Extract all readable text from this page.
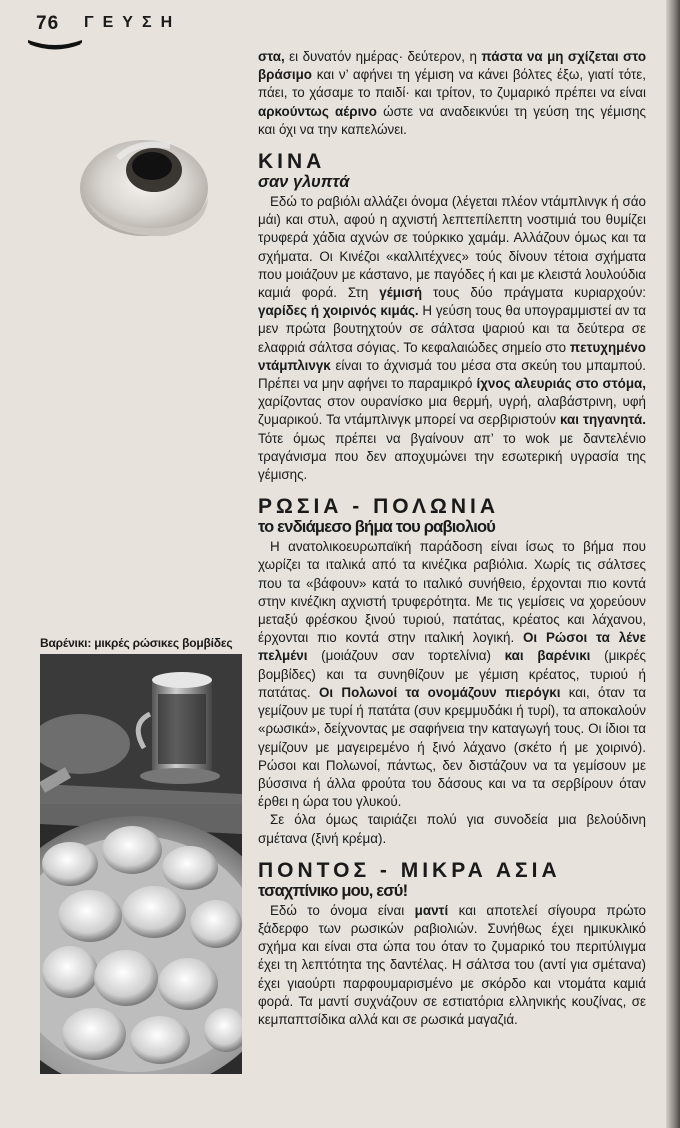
76 ΓΕΥΣΗ

στα, ει δυνατόν ημέρας· δεύτερον, η πάστα να μη σχίζεται στο βράσιμο και ν’ αφήνει τη γέμιση να κάνει βόλτες έξω, γιατί τότε, πάει, το χάσαμε το παιδί· και τρίτον, το ζυμαρικό πρέπει να είναι αρκούντως αέρινο ώστε να αναδεικνύει τη γεύση της γέμισης και όχι να την καπελώνει.

ΚΙΝΑ
σαν γλυπτά

Εδώ το ραβιόλι αλλάζει όνομα (λέγεται πλέον ντάμπλινγκ ή σάο μάι) και στυλ, αφού η αχνιστή λεπτεπίλεπτη νοστιμιά του θυμίζει τρυφερά χάδια αχνών σε τούρκικο χαμάμ. Αλλάζουν όμως και τα σχήματα. Οι Κινέζοι «καλλιτέχνες» τούς δίνουν τέτοια σχήματα που μοιάζουν με κάστανο, με παγόδες ή και με κλειστά λουλούδια καμιά φορά. Στη γέμισή τους δύο πράγματα κυριαρχούν: γαρίδες ή χοιρινός κιμάς. Η γεύση τους θα υπογραμμιστεί αν τα μεν πρώτα βουτηχτούν σε σάλτσα ψαριού και τα δεύτερα σε ελαφριά σάλτσα σόγιας. Το κεφαλαιώδες σημείο στο πετυχημένο ντάμπλινγκ είναι το άχνισμά του μέσα στα σκεύη του μπαμπού. Πρέπει να μην αφήνει το παραμικρό ίχνος αλευριάς στο στόμα, χαρίζοντας στον ουρανίσκο μια θερμή, υγρή, αλαβάστρινη, υφή ζυμαρικού. Τα ντάμπλινγκ μπορεί να σερβιριστούν και τηγανητά. Τότε όμως πρέπει να βγαίνουν απ’ το wok με δαντελένιο τραγάνισμα που δεν αποχυμώνει την εσωτερική υγρασία της γέμισης.

ΡΩΣΙΑ - ΠΟΛΩΝΙΑ
το ενδιάμεσο βήμα του ραβιολιού

Η ανατολικοευρωπαϊκή παράδοση είναι ίσως το βήμα που χωρίζει τα ιταλικά από τα κινέζικα ραβιόλια. Χωρίς τις σάλτσες που τα «βάφουν» κατά το ιταλικό συνήθειο, έρχονται πιο κοντά στην κινέζικη αχνιστή τρυφερότητα. Με τις γεμίσεις να χορεύουν μεταξύ φρέσκου ξινού τυριού, πατάτας, κρέατος και λάχανου, έρχονται πιο κοντά στην ιταλική λογική. Οι Ρώσοι τα λένε πελμένι (μοιάζουν σαν τορτελίνια) και βαρένικι (μικρές βομβίδες) και τα συνηθίζουν με γέμιση κρέατος, τυριού ή πατάτας. Οι Πολωνοί τα ονομάζουν πιερόγκι και, όταν τα γεμίζουν με τυρί ή πατάτα (συν κρεμμυδάκι ή τυρί), τα αποκαλούν «ρωσικά», δείχνοντας με σαφήνεια την καταγωγή τους. Οι ίδιοι τα γεμίζουν με μαγειρεμένο ή ξινό λάχανο (σκέτο ή με χοιρινό). Ρώσοι και Πολωνοί, πάντως, δεν διστάζουν να τα γεμίσουν με βύσσινα ή άλλα φρούτα του δάσους και να τα σερβίρουν όταν έρθει η ώρα του γλυκού.

Σε όλα όμως ταιριάζει πολύ για συνοδεία μια βελούδινη σμέτανα (ξινή κρέμα).

ΠΟΝΤΟΣ - ΜΙΚΡΑ ΑΣΙΑ
τσαχπίνικο μου, εσύ!

Εδώ το όνομα είναι μαντί και αποτελεί σίγουρα πρώτο ξάδερφο των ρωσικών ραβιολιών. Συνήθως έχει ημικυκλικό σχήμα και είναι στα ώπα του όταν το ζυμαρικό του περιτύλιγμα έχει τη λεπτότητα της δαντέλας. Η σάλτσα του (αντί για σμέτανα) έχει γιαούρτι παρφουμαρισμένο με σκόρδο και ντομάτα καμιά φορά. Τα μαντί συχνάζουν σε εστιατόρια ελληνικής κουζίνας, σε κεμπαπτσίδικα αλλά και σε ρωσικά μαγαζιά.

Βαρένικι: μικρές ρώσικες βομβίδες
